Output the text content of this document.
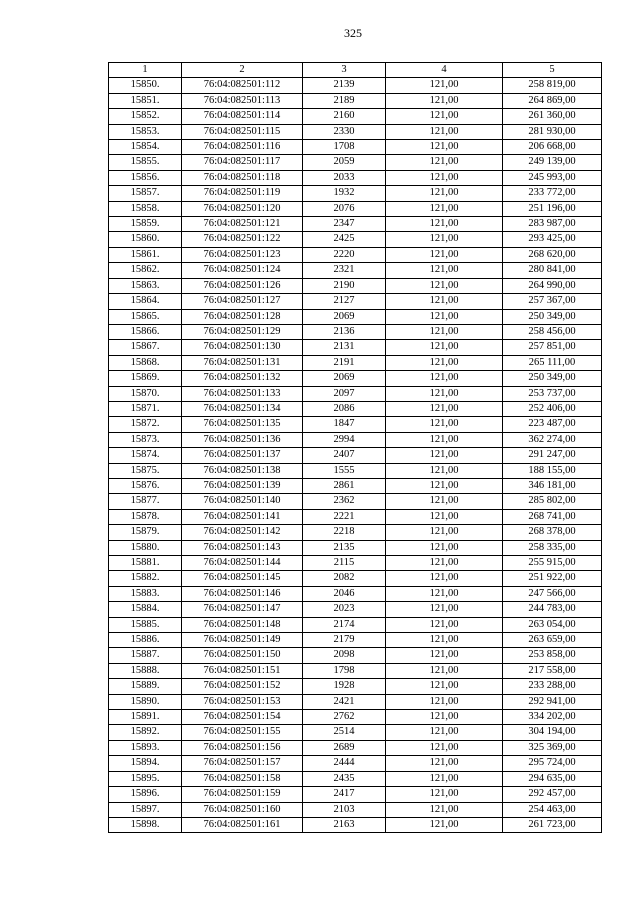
325
1	2	3	4	5
15850.	76:04:082501:112	2139	121,00	258 819,00
15851.	76:04:082501:113	2189	121,00	264 869,00
15852.	76:04:082501:114	2160	121,00	261 360,00
15853.	76:04:082501:115	2330	121,00	281 930,00
15854.	76:04:082501:116	1708	121,00	206 668,00
15855.	76:04:082501:117	2059	121,00	249 139,00
15856.	76:04:082501:118	2033	121,00	245 993,00
15857.	76:04:082501:119	1932	121,00	233 772,00
15858.	76:04:082501:120	2076	121,00	251 196,00
15859.	76:04:082501:121	2347	121,00	283 987,00
15860.	76:04:082501:122	2425	121,00	293 425,00
15861.	76:04:082501:123	2220	121,00	268 620,00
15862.	76:04:082501:124	2321	121,00	280 841,00
15863.	76:04:082501:126	2190	121,00	264 990,00
15864.	76:04:082501:127	2127	121,00	257 367,00
15865.	76:04:082501:128	2069	121,00	250 349,00
15866.	76:04:082501:129	2136	121,00	258 456,00
15867.	76:04:082501:130	2131	121,00	257 851,00
15868.	76:04:082501:131	2191	121,00	265 111,00
15869.	76:04:082501:132	2069	121,00	250 349,00
15870.	76:04:082501:133	2097	121,00	253 737,00
15871.	76:04:082501:134	2086	121,00	252 406,00
15872.	76:04:082501:135	1847	121,00	223 487,00
15873.	76:04:082501:136	2994	121,00	362 274,00
15874.	76:04:082501:137	2407	121,00	291 247,00
15875.	76:04:082501:138	1555	121,00	188 155,00
15876.	76:04:082501:139	2861	121,00	346 181,00
15877.	76:04:082501:140	2362	121,00	285 802,00
15878.	76:04:082501:141	2221	121,00	268 741,00
15879.	76:04:082501:142	2218	121,00	268 378,00
15880.	76:04:082501:143	2135	121,00	258 335,00
15881.	76:04:082501:144	2115	121,00	255 915,00
15882.	76:04:082501:145	2082	121,00	251 922,00
15883.	76:04:082501:146	2046	121,00	247 566,00
15884.	76:04:082501:147	2023	121,00	244 783,00
15885.	76:04:082501:148	2174	121,00	263 054,00
15886.	76:04:082501:149	2179	121,00	263 659,00
15887.	76:04:082501:150	2098	121,00	253 858,00
15888.	76:04:082501:151	1798	121,00	217 558,00
15889.	76:04:082501:152	1928	121,00	233 288,00
15890.	76:04:082501:153	2421	121,00	292 941,00
15891.	76:04:082501:154	2762	121,00	334 202,00
15892.	76:04:082501:155	2514	121,00	304 194,00
15893.	76:04:082501:156	2689	121,00	325 369,00
15894.	76:04:082501:157	2444	121,00	295 724,00
15895.	76:04:082501:158	2435	121,00	294 635,00
15896.	76:04:082501:159	2417	121,00	292 457,00
15897.	76:04:082501:160	2103	121,00	254 463,00
15898.	76:04:082501:161	2163	121,00	261 723,00
